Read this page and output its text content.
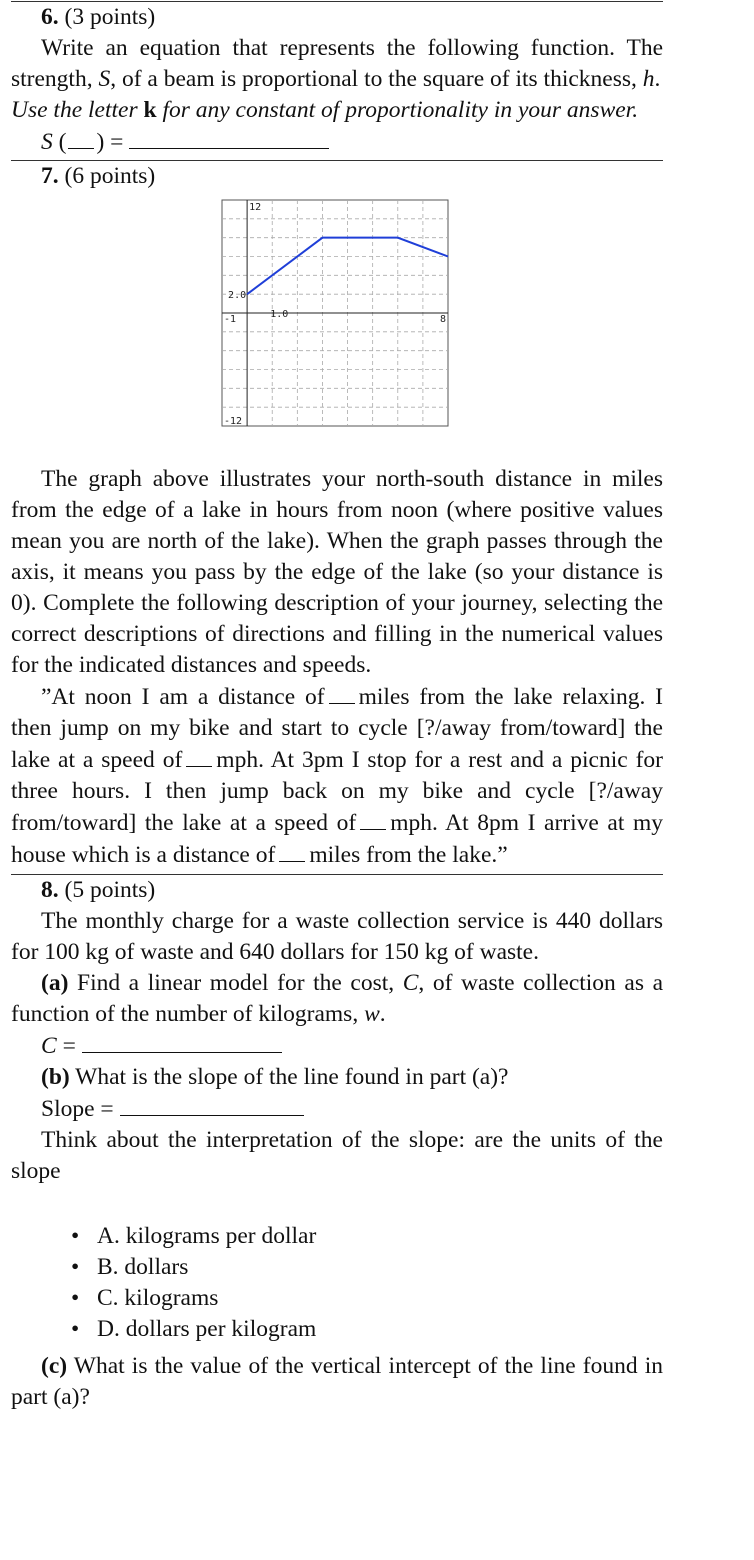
6. (3 points)

Write an equation that represents the following function. The strength, S, of a beam is proportional to the square of its thickness, h.

Use the letter k for any constant of proportionality in your answer.

S ( ) =

7. (6 points)

12
-12
-1	8
2.0
1.0

The graph above illustrates your north-south distance in miles from the edge of a lake in hours from noon (where positive values mean you are north of the lake). When the graph passes through the axis, it means you pass by the edge of the lake (so your distance is 0). Complete the following description of your journey, selecting the correct descriptions of directions and filling in the numerical values for the indicated distances and speeds.

”At noon I am a distance of miles from the lake relaxing. I then jump on my bike and start to cycle [?/away from/toward] the lake at a speed of mph. At 3pm I stop for a rest and a picnic for three hours. I then jump back on my bike and cycle [?/away from/toward] the lake at a speed of mph. At 8pm I arrive at my house which is a distance of miles from the lake.”

8. (5 points)

The monthly charge for a waste collection service is 440 dollars for 100 kg of waste and 640 dollars for 150 kg of waste.

(a) Find a linear model for the cost, C, of waste collection as a function of the number of kilograms, w.

C =

(b) What is the slope of the line found in part (a)?

Slope =

Think about the interpretation of the slope: are the units of the slope

• A. kilograms per dollar
• B. dollars
• C. kilograms
• D. dollars per kilogram

(c) What is the value of the vertical intercept of the line found in part (a)?
